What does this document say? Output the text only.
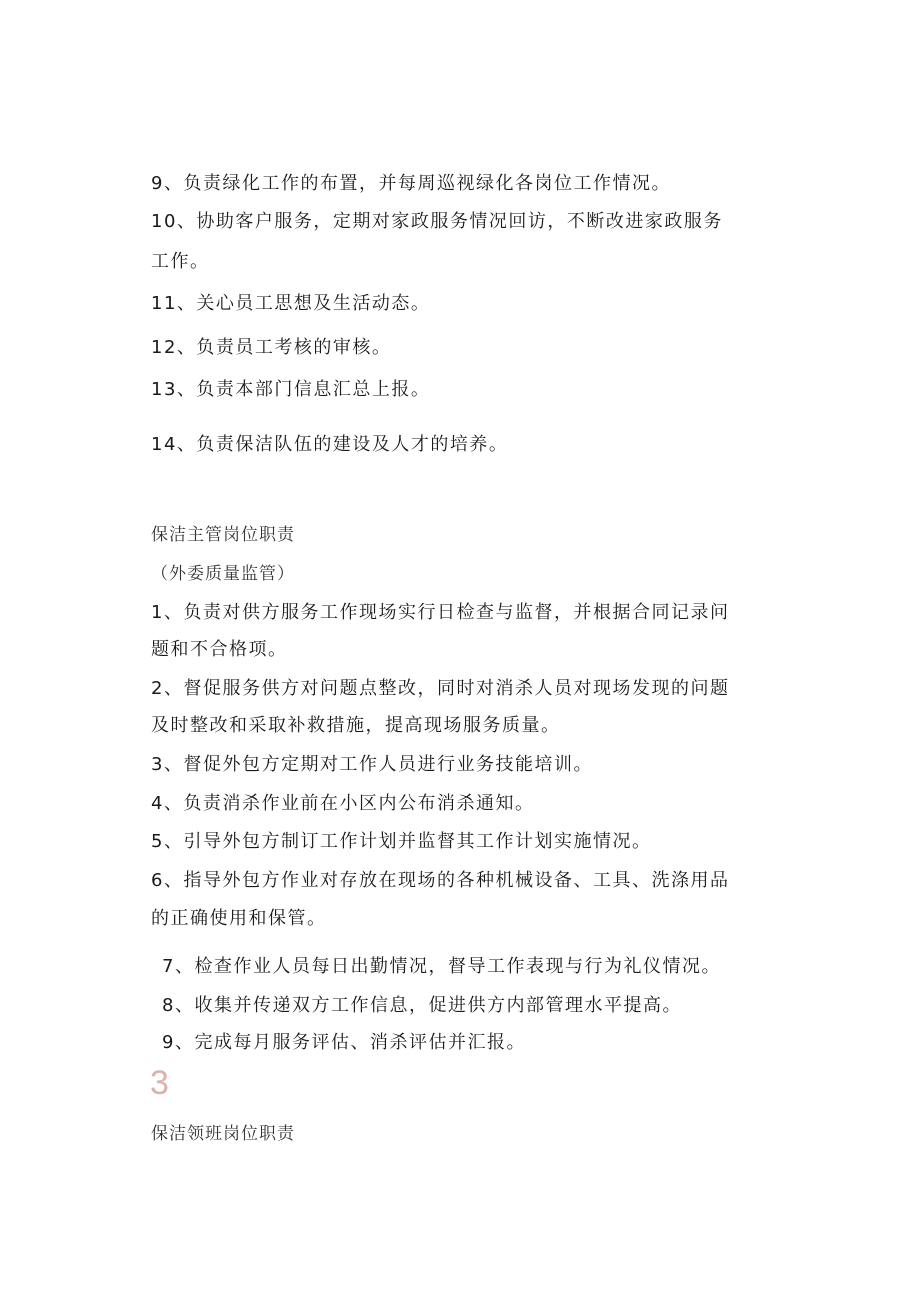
9、负责绿化工作的布置，并每周巡视绿化各岗位工作情况。
10、协助客户服务，定期对家政服务情况回访，不断改进家政服务
工作。
11、关心员工思想及生活动态。
12、负责员工考核的审核。
13、负责本部门信息汇总上报。
14、负责保洁队伍的建设及人才的培养。
保洁主管岗位职责
（外委质量监管）
1、负责对供方服务工作现场实行日检查与监督，并根据合同记录问
题和不合格项。
2、督促服务供方对问题点整改，同时对消杀人员对现场发现的问题
及时整改和采取补救措施，提高现场服务质量。
3、督促外包方定期对工作人员进行业务技能培训。
4、负责消杀作业前在小区内公布消杀通知。
5、引导外包方制订工作计划并监督其工作计划实施情况。
6、指导外包方作业对存放在现场的各种机械设备、工具、洗涤用品
的正确使用和保管。
7、检查作业人员每日出勤情况，督导工作表现与行为礼仪情况。
8、收集并传递双方工作信息，促进供方内部管理水平提高。
9、完成每月服务评估、消杀评估并汇报。
3
保洁领班岗位职责
